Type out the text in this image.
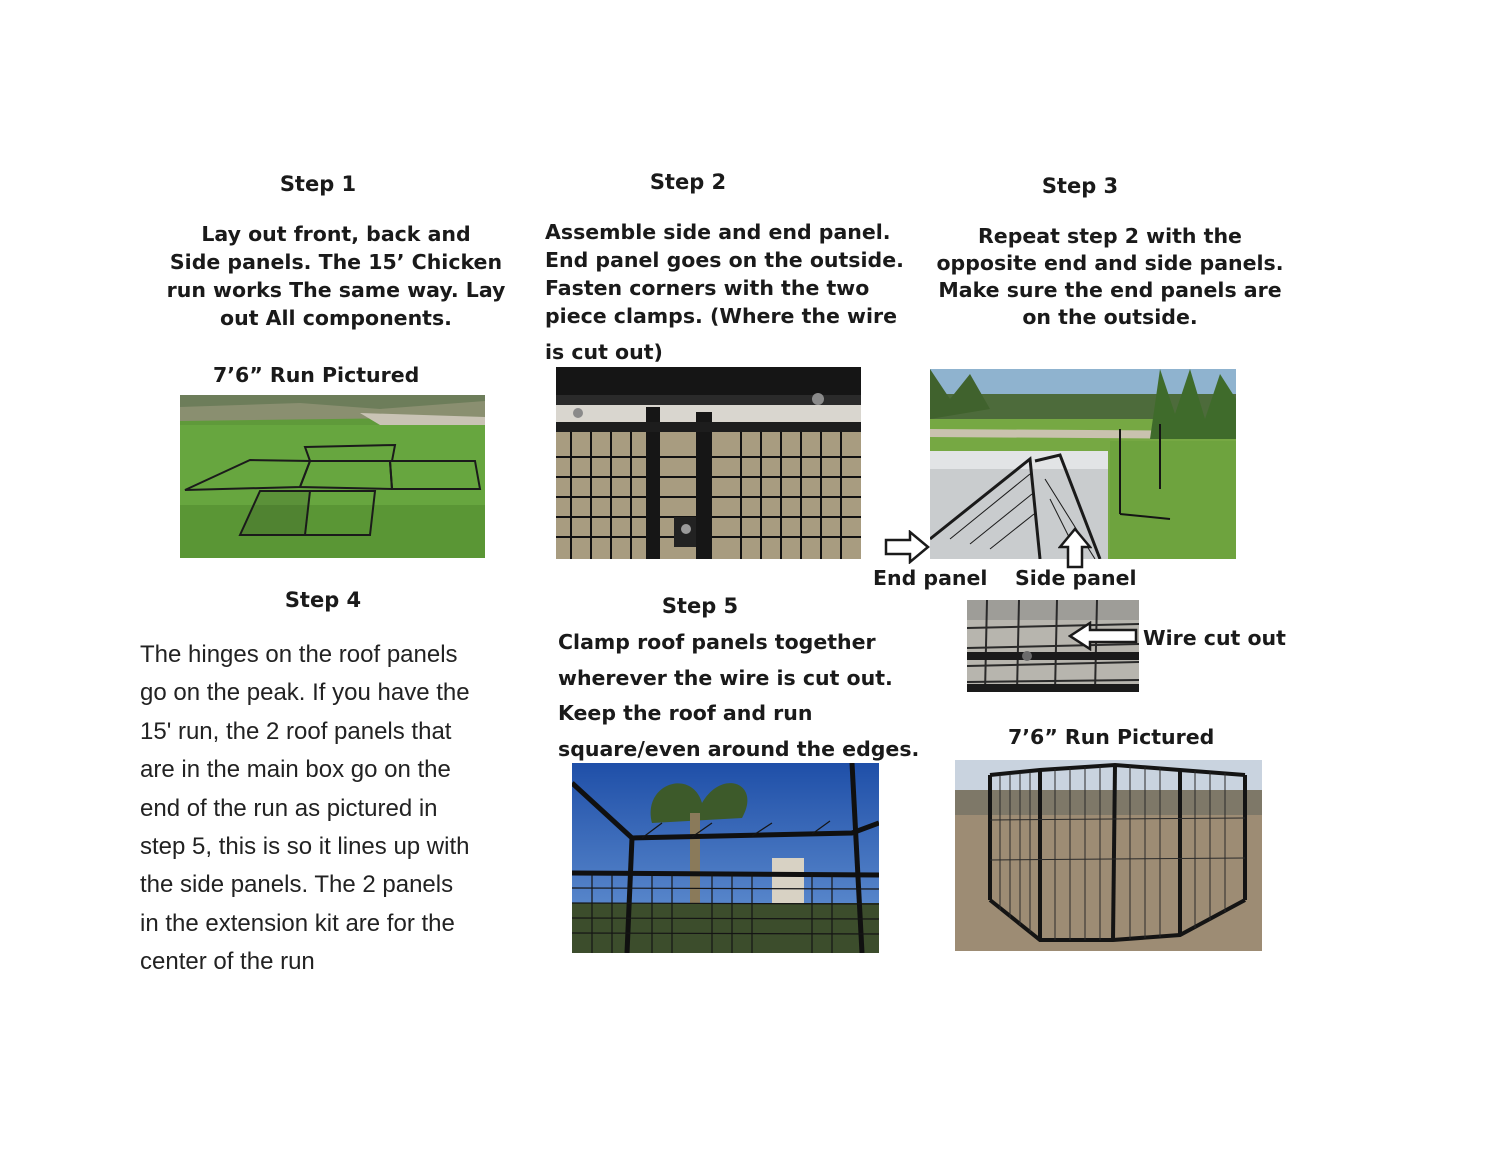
Step 1
Lay out front, back and
Side panels. The 15’ Chicken
run works The same way. Lay
out All components.
7’6” Run Pictured
Step 2
Assemble side and end panel.
End panel goes on the outside.
Fasten corners with the two
piece clamps. (Where the wire
is cut out)
Step 3
Repeat step 2 with the
opposite end and side panels.
Make sure the end panels are
on the outside.
End panel Side panel
Wire cut out
7’6” Run Pictured
Step 4
The hinges on the roof panels
go on the peak. If you have the
15' run, the 2 roof panels that
are in the main box go on the
end of the run as pictured in
step 5, this is so it lines up with
the side panels. The 2 panels
in the extension kit are for the
center of the run
Step 5
Clamp roof panels together
wherever the wire is cut out.
Keep the roof and run
square/even around the edges.
